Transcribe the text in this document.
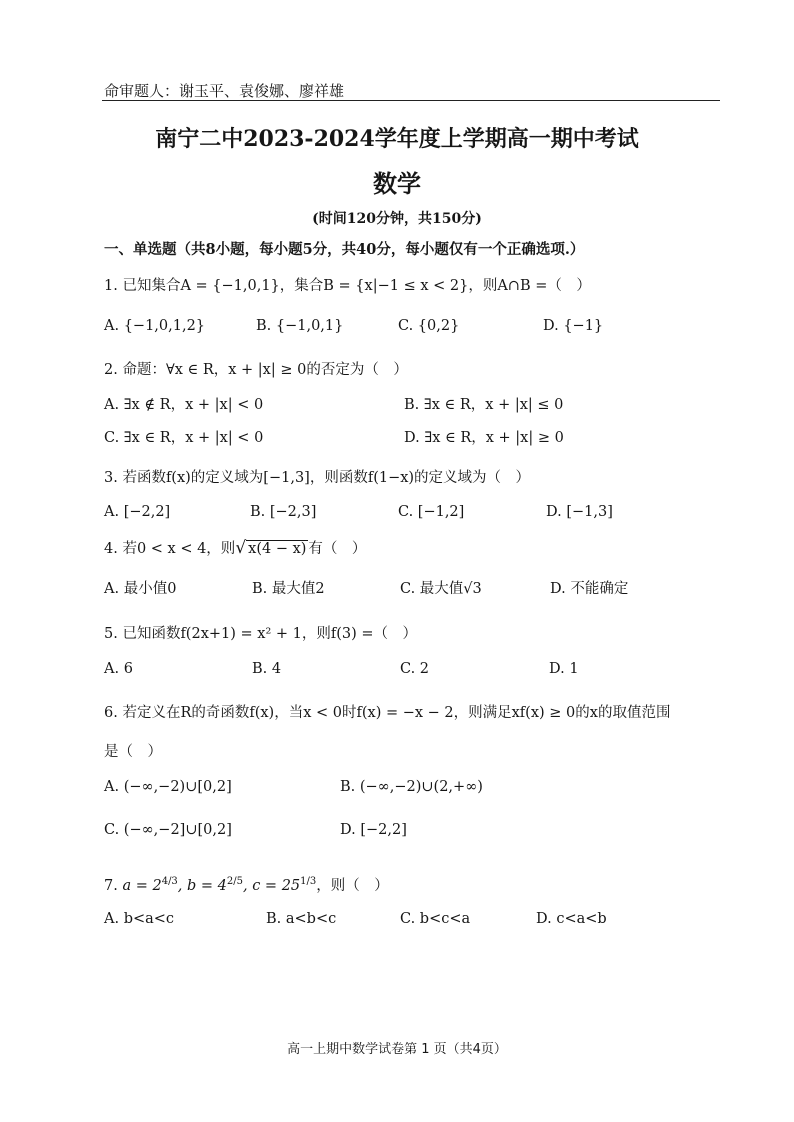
命审题人：谢玉平、袁俊娜、廖祥雄
南宁二中2023-2024学年度上学期高一期中考试
数学
(时间120分钟，共150分)
一、单选题（共8小题，每小题5分，共40分，每小题仅有一个正确选项.）
1. 已知集合A = {−1,0,1}，集合B = {x|−1 ≤ x < 2}，则A∩B =（　）
A. {−1,0,1,2}	B. {−1,0,1}	C. {0,2}	D. {−1}
2. 命题：∀x ∈ R，x + |x| ≥ 0的否定为（　）
A. ∃x ∉ R，x + |x| < 0	B. ∃x ∈ R，x + |x| ≤ 0
C. ∃x ∈ R，x + |x| < 0	D. ∃x ∈ R，x + |x| ≥ 0
3. 若函数f(x)的定义域为[−1,3]，则函数f(1−x)的定义域为（　）
A. [−2,2]	B. [−2,3]	C. [−1,2]	D. [−1,3]
4. 若0 < x < 4，则√ x(4 − x) 有（　）
A. 最小值0	B. 最大值2	C. 最大值√3	D. 不能确定
5. 已知函数f(2x+1) = x² + 1，则f(3) =（　）
A. 6	B. 4	C. 2	D. 1
6. 若定义在R的奇函数f(x)，当x < 0时f(x) = −x − 2，则满足xf(x) ≥ 0的x的取值范围
是（　）
A. (−∞,−2)∪[0,2]	B. (−∞,−2)∪(2,+∞)
C. (−∞,−2]∪[0,2]	D. [−2,2]
7. $a = 2^{4/3}$, $b = 4^{2/5}$, $c = 25^{1/3}$，则（　）
A. b<a<c	B. a<b<c	C. b<c<a	D. c<a<b
高一上期中数学试卷第 1 页（共4页）
